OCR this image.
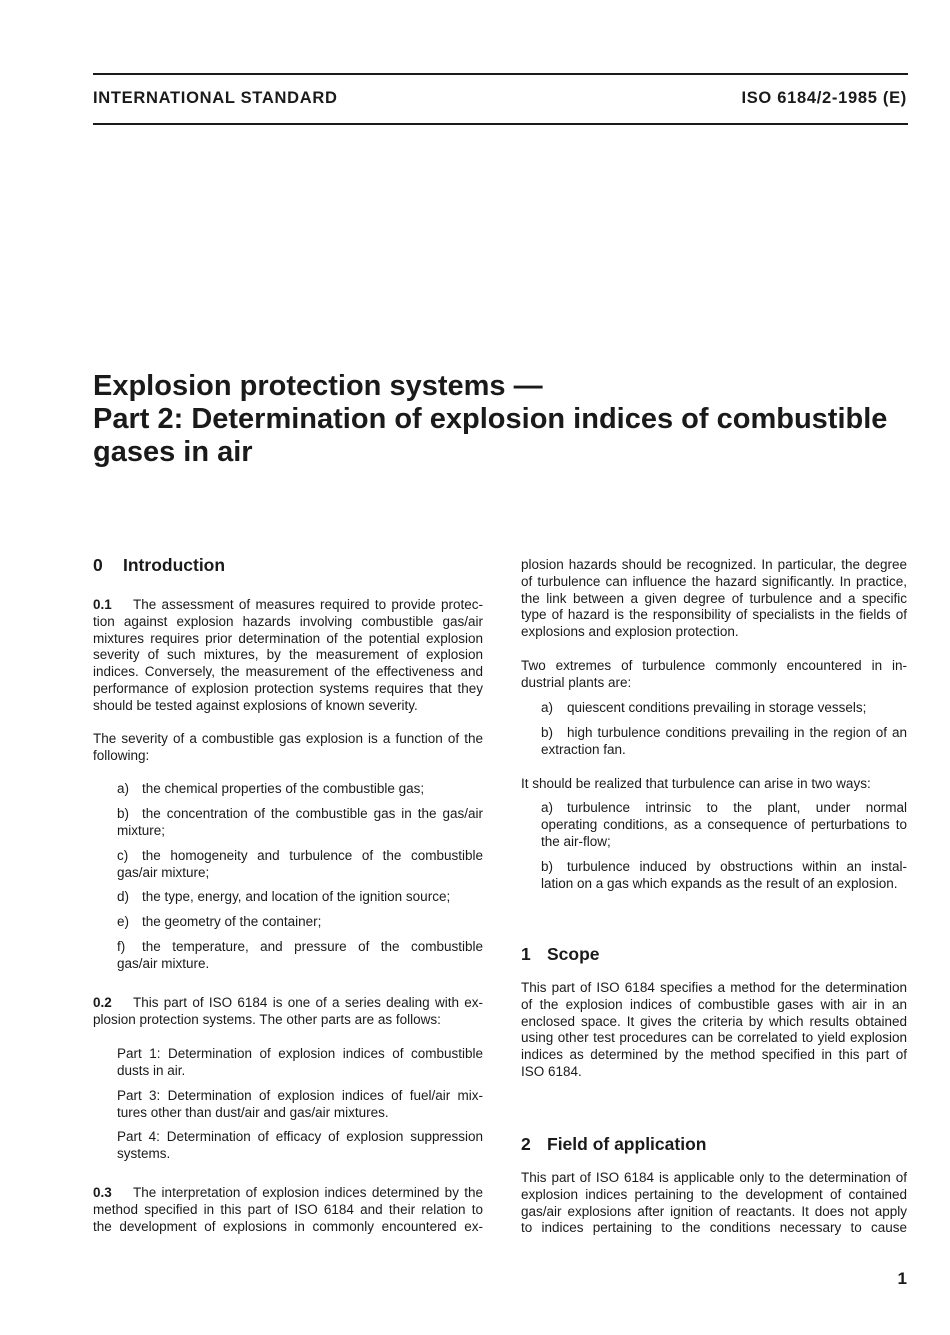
INTERNATIONAL STANDARD	ISO 6184/2-1985 (E)
Explosion protection systems —
Part 2: Determination of explosion indices of combustible
gases in air
0 Introduction
0.1 The assessment of measures required to provide protec-
tion against explosion hazards involving combustible gas/air
mixtures requires prior determination of the potential explosion
severity of such mixtures, by the measurement of explosion
indices. Conversely, the measurement of the effectiveness and
performance of explosion protection systems requires that they
should be tested against explosions of known severity.
The severity of a combustible gas explosion is a function of the
following:
a) the chemical properties of the combustible gas;
b) the concentration of the combustible gas in the gas/air
mixture;
c) the homogeneity and turbulence of the combustible
gas/air mixture;
d) the type, energy, and location of the ignition source;
e) the geometry of the container;
f) the temperature, and pressure of the combustible
gas/air mixture.
0.2 This part of ISO 6184 is one of a series dealing with ex-
plosion protection systems. The other parts are as follows:
Part 1: Determination of explosion indices of combustible
dusts in air.
Part 3: Determination of explosion indices of fuel/air mix-
tures other than dust/air and gas/air mixtures.
Part 4: Determination of efficacy of explosion suppression
systems.
0.3 The interpretation of explosion indices determined by the
method specified in this part of ISO 6184 and their relation to
the development of explosions in commonly encountered ex-
plosion hazards should be recognized. In particular, the degree
of turbulence can influence the hazard significantly. In practice,
the link between a given degree of turbulence and a specific
type of hazard is the responsibility of specialists in the fields of
explosions and explosion protection.
Two extremes of turbulence commonly encountered in in-
dustrial plants are:
a) quiescent conditions prevailing in storage vessels;
b) high turbulence conditions prevailing in the region of an
extraction fan.
It should be realized that turbulence can arise in two ways:
a) turbulence intrinsic to the plant, under normal
operating conditions, as a consequence of perturbations to
the air-flow;
b) turbulence induced by obstructions within an instal-
lation on a gas which expands as the result of an explosion.
1 Scope
This part of ISO 6184 specifies a method for the determination
of the explosion indices of combustible gases with air in an
enclosed space. It gives the criteria by which results obtained
using other test procedures can be correlated to yield explosion
indices as determined by the method specified in this part of
ISO 6184.
2 Field of application
This part of ISO 6184 is applicable only to the determination of
explosion indices pertaining to the development of contained
gas/air explosions after ignition of reactants. It does not apply
to indices pertaining to the conditions necessary to cause
1
